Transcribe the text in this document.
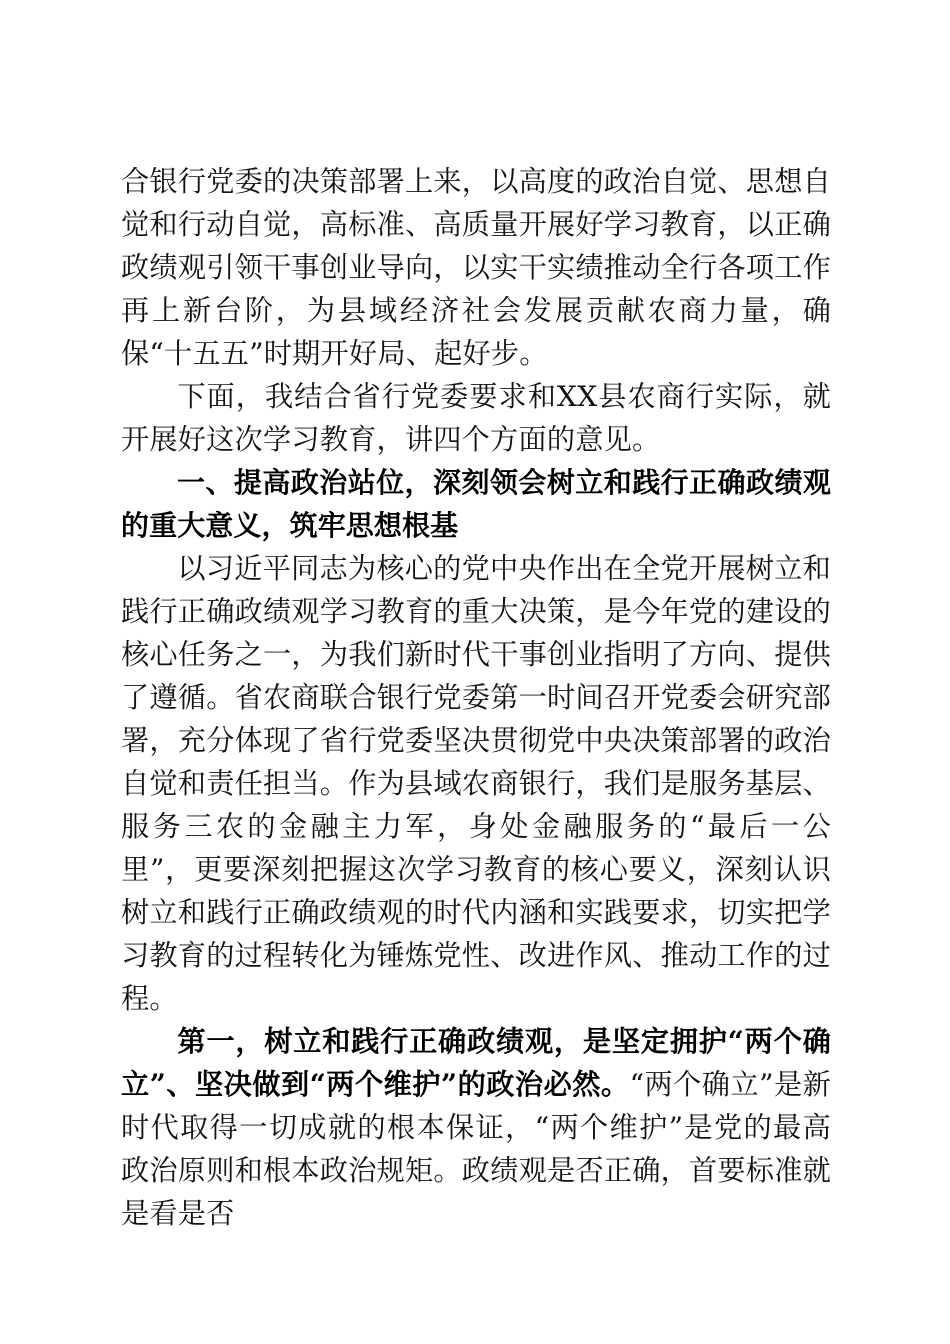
合银行党委的决策部署上来，以高度的政治自觉、思想自觉和行动自觉，高标准、高质量开展好学习教育，以正确政绩观引领干事创业导向，以实干实绩推动全行各项工作再上新台阶，为县域经济社会发展贡献农商力量，确保“十五五”时期开好局、起好步。

下面，我结合省行党委要求和XX县农商行实际，就开展好这次学习教育，讲四个方面的意见。

一、提高政治站位，深刻领会树立和践行正确政绩观的重大意义，筑牢思想根基

以习近平同志为核心的党中央作出在全党开展树立和践行正确政绩观学习教育的重大决策，是今年党的建设的核心任务之一，为我们新时代干事创业指明了方向、提供了遵循。省农商联合银行党委第一时间召开党委会研究部署，充分体现了省行党委坚决贯彻党中央决策部署的政治自觉和责任担当。作为县域农商银行，我们是服务基层、服务三农的金融主力军，身处金融服务的“最后一公里”，更要深刻把握这次学习教育的核心要义，深刻认识树立和践行正确政绩观的时代内涵和实践要求，切实把学习教育的过程转化为锤炼党性、改进作风、推动工作的过程。

第一，树立和践行正确政绩观，是坚定拥护“两个确立”、坚决做到“两个维护”的政治必然。“两个确立”是新时代取得一切成就的根本保证，“两个维护”是党的最高政治原则和根本政治规矩。政绩观是否正确，首要标准就是看是否
